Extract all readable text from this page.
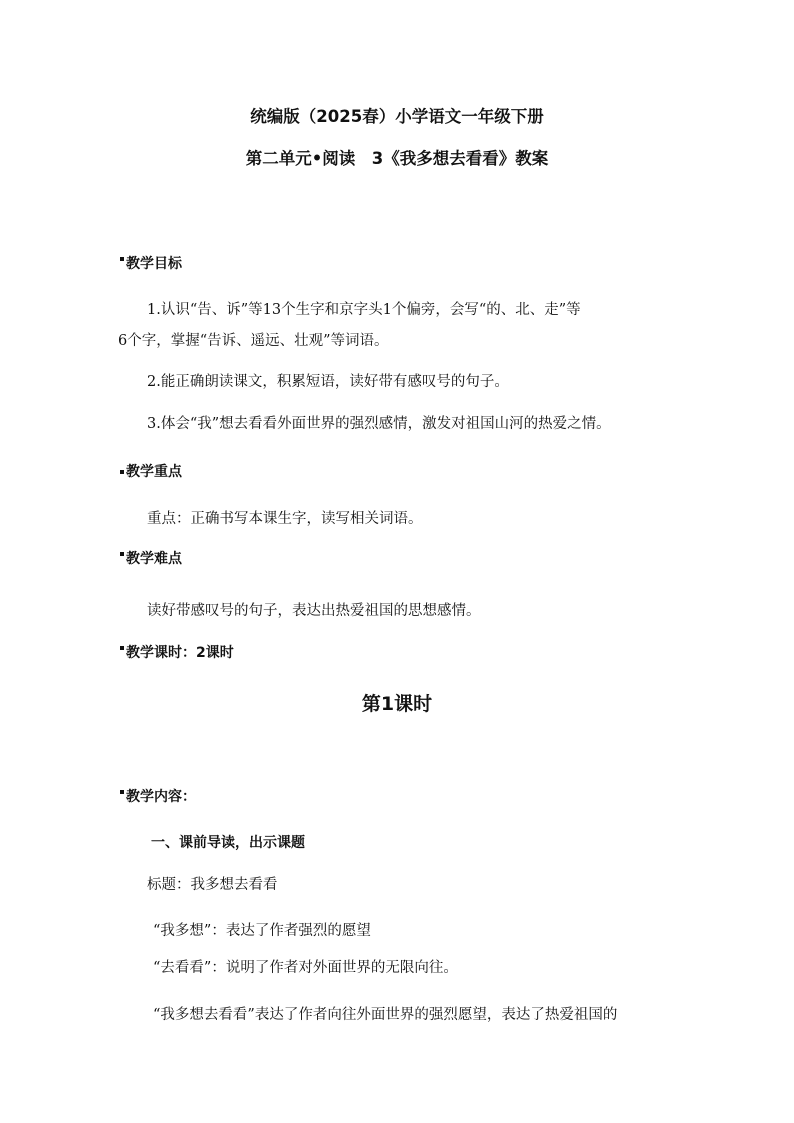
统编版（2025春）小学语文一年级下册
第二单元•阅读　3《我多想去看看》教案
教学目标
1.认识“告、诉”等13个生字和京字头1个偏旁，会写“的、北、走”等
6个字，掌握“告诉、遥远、壮观”等词语。
2.能正确朗读课文，积累短语，读好带有感叹号的句子。
3.体会“我”想去看看外面世界的强烈感情，激发对祖国山河的热爱之情。
教学重点
重点：正确书写本课生字，读写相关词语。
教学难点
读好带感叹号的句子，表达出热爱祖国的思想感情。
教学课时：2课时
第1课时
教学内容：
一、课前导读，出示课题
标题：我多想去看看
“我多想”：表达了作者强烈的愿望
“去看看”：说明了作者对外面世界的无限向往。
“我多想去看看”表达了作者向往外面世界的强烈愿望，表达了热爱祖国的
